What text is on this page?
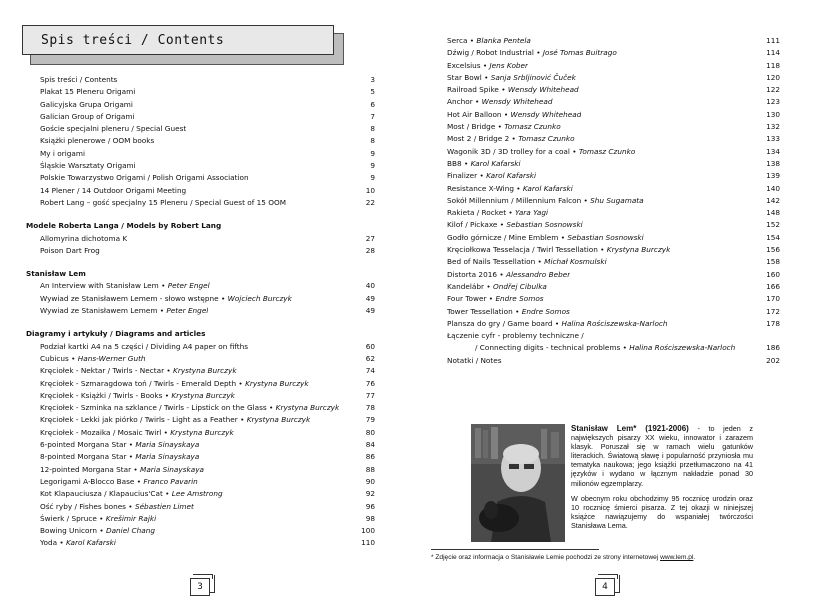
Spis treści / Contents
Spis treści / Contents	3
Plakat 15 Pleneru Origami	5
Galicyjska Grupa Origami	6
Galician Group of Origami	7
Goście specjalni pleneru / Special Guest	8
Książki plenerowe / OOM books	8
My i origami	9
Śląskie Warsztaty Origami	9
Polskie Towarzystwo Origami / Polish Origami Association	9
14 Plener / 14 Outdoor Origami Meeting	10
Robert Lang – gość specjalny 15 Pleneru / Special Guest of 15 OOM	22
Modele Roberta Langa / Models by Robert Lang
Allomyrina dichotoma K	27
Poison Dart Frog	28
Stanisław Lem
An Interview with Stanisław Lem • Peter Engel	40
Wywiad ze Stanisławem Lemem - słowo wstępne • Wojciech Burczyk	49
Wywiad ze Stanisławem Lemem • Peter Engel	49
Diagramy i artykuły / Diagrams and articles
Podział kartki A4 na 5 części / Dividing A4 paper on fifths	60
Cubicus • Hans-Werner Guth	62
Kręciołek - Nektar / Twirls - Nectar • Krystyna Burczyk	74
Kręciołek - Szmaragdowa toń / Twirls - Emerald Depth • Krystyna Burczyk	76
Kręciołek - Książki / Twirls - Books • Krystyna Burczyk	77
Kręciołek - Szminka na szklance / Twirls - Lipstick on the Glass • Krystyna Burczyk	78
Kręciołek - Lekki jak piórko / Twirls - Light as a Feather • Krystyna Burczyk	79
Kręciołek - Mozaika / Mosaic Twirl • Krystyna Burczyk	80
6-pointed Morgana Star • Maria Sinayskaya	84
8-pointed Morgana Star • Maria Sinayskaya	86
12-pointed Morgana Star • Maria Sinayskaya	88
Legorigami A-Blocco Base • Franco Pavarin	90
Kot Klapauciusza / Klapaucius'Cat • Lee Amstrong	92
Ość ryby / Fishes bones • Sébastien Limet	96
Świerk / Spruce • Krešimir Rajki	98
Bowing Unicorn • Daniel Chang	100
Yoda • Karol Kafarski	110
3
Serca • Blanka Pentela	111
Dźwig / Robot Industrial • José Tomas Buitrago	114
Excelsius • Jens Kober	118
Star Bowl • Sanja Srbljinović Čuček	120
Railroad Spike • Wensdy Whitehead	122
Anchor • Wensdy Whitehead	123
Hot Air Balloon • Wensdy Whitehead	130
Most / Bridge • Tomasz Czunko	132
Most 2 / Bridge 2 • Tomasz Czunko	133
Wagonik 3D / 3D trolley for a coal • Tomasz Czunko	134
BB8 • Karol Kafarski	138
Finalizer • Karol Kafarski	139
Resistance X-Wing • Karol Kafarski	140
Sokół Millennium / Millennium Falcon • Shu Sugamata	142
Rakieta / Rocket • Yara Yagi	148
Kilof / Pickaxe • Sebastian Sosnowski	152
Godło górnicze / Mine Emblem • Sebastian Sosnowski	154
Kręciołkowa Tesselacja / Twirl Tessellation • Krystyna Burczyk	156
Bed of Nails Tessellation • Michał Kosmulski	158
Distorta 2016 • Alessandro Beber	160
Kandelábr • Ondřej Cibulka	166
Four Tower • Endre Somos	170
Tower Tessellation • Endre Somos	172
Plansza do gry / Game board • Halina Rościszewska-Narloch	178
Łączenie cyfr - problemy techniczne /
/ Connecting digits - technical problems • Halina Rościszewska-Narloch	186
Notatki / Notes	202

Stanisław Lem* (1921-2006) - to jeden z największych pisarzy XX wieku, innowator i zarazem klasyk. Poruszał się w ramach wielu gatunków literackich. Światową sławę i popularność przyniosła mu tematyka naukowa; jego książki przetłumaczono na 41 języków i wydano w łącznym nakładzie ponad 30 milionów egzemplarzy.

W obecnym roku obchodzimy 95 rocznicę urodzin oraz 10 rocznicę śmierci pisarza. Z tej okazji w niniejszej książce nawiązujemy do wspaniałej twórczości Stanisława Lema.

* Zdjęcie oraz informacja o Stanisławie Lemie pochodzi ze strony internetowej www.lem.pl.
4
